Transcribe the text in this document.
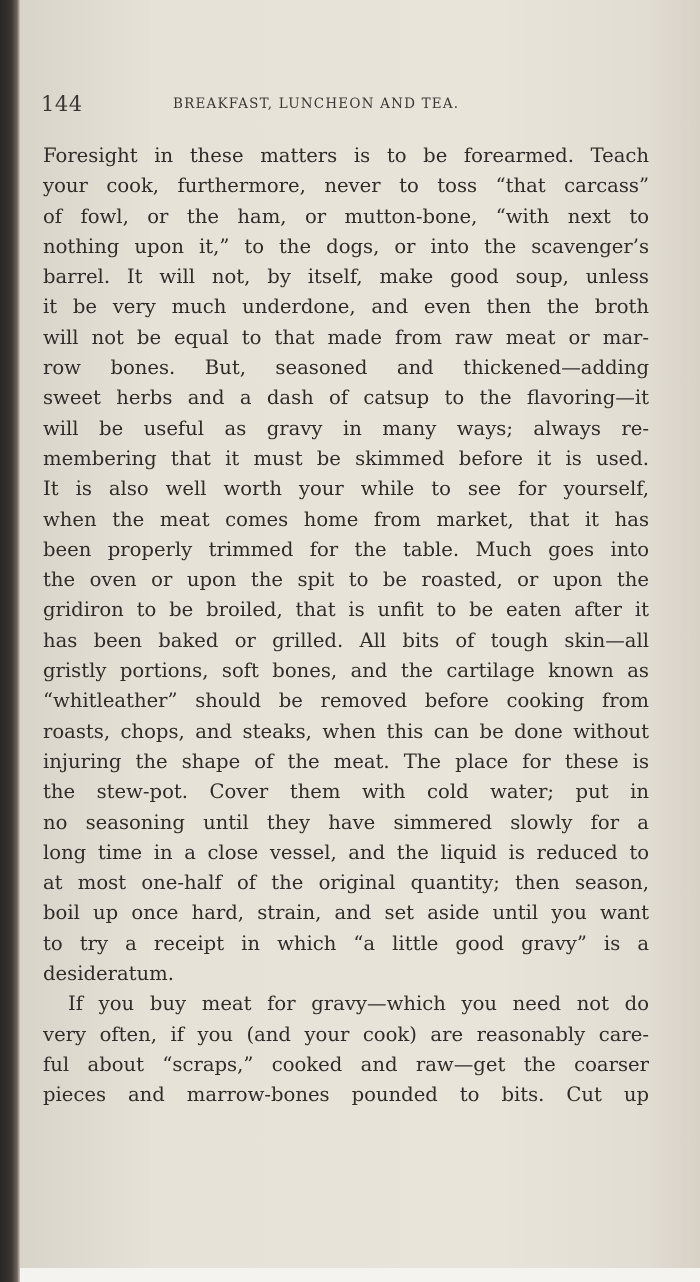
144	BREAKFAST, LUNCHEON AND TEA.
Foresight in these matters is to be forearmed. Teach
your cook, furthermore, never to toss “that carcass”
of fowl, or the ham, or mutton-bone, “with next to
nothing upon it,” to the dogs, or into the scavenger’s
barrel. It will not, by itself, make good soup, unless
it be very much underdone, and even then the broth
will not be equal to that made from raw meat or mar-
row bones. But, seasoned and thickened—adding
sweet herbs and a dash of catsup to the flavoring—it
will be useful as gravy in many ways; always re-
membering that it must be skimmed before it is used.
It is also well worth your while to see for yourself,
when the meat comes home from market, that it has
been properly trimmed for the table. Much goes into
the oven or upon the spit to be roasted, or upon the
gridiron to be broiled, that is unfit to be eaten after it
has been baked or grilled. All bits of tough skin—all
gristly portions, soft bones, and the cartilage known as
“whitleather” should be removed before cooking from
roasts, chops, and steaks, when this can be done without
injuring the shape of the meat. The place for these is
the stew-pot. Cover them with cold water; put in
no seasoning until they have simmered slowly for a
long time in a close vessel, and the liquid is reduced to
at most one-half of the original quantity; then season,
boil up once hard, strain, and set aside until you want
to try a receipt in which “a little good gravy” is a
desideratum.
If you buy meat for gravy—which you need not do
very often, if you (and your cook) are reasonably care-
ful about “scraps,” cooked and raw—get the coarser
pieces and marrow-bones pounded to bits. Cut up
